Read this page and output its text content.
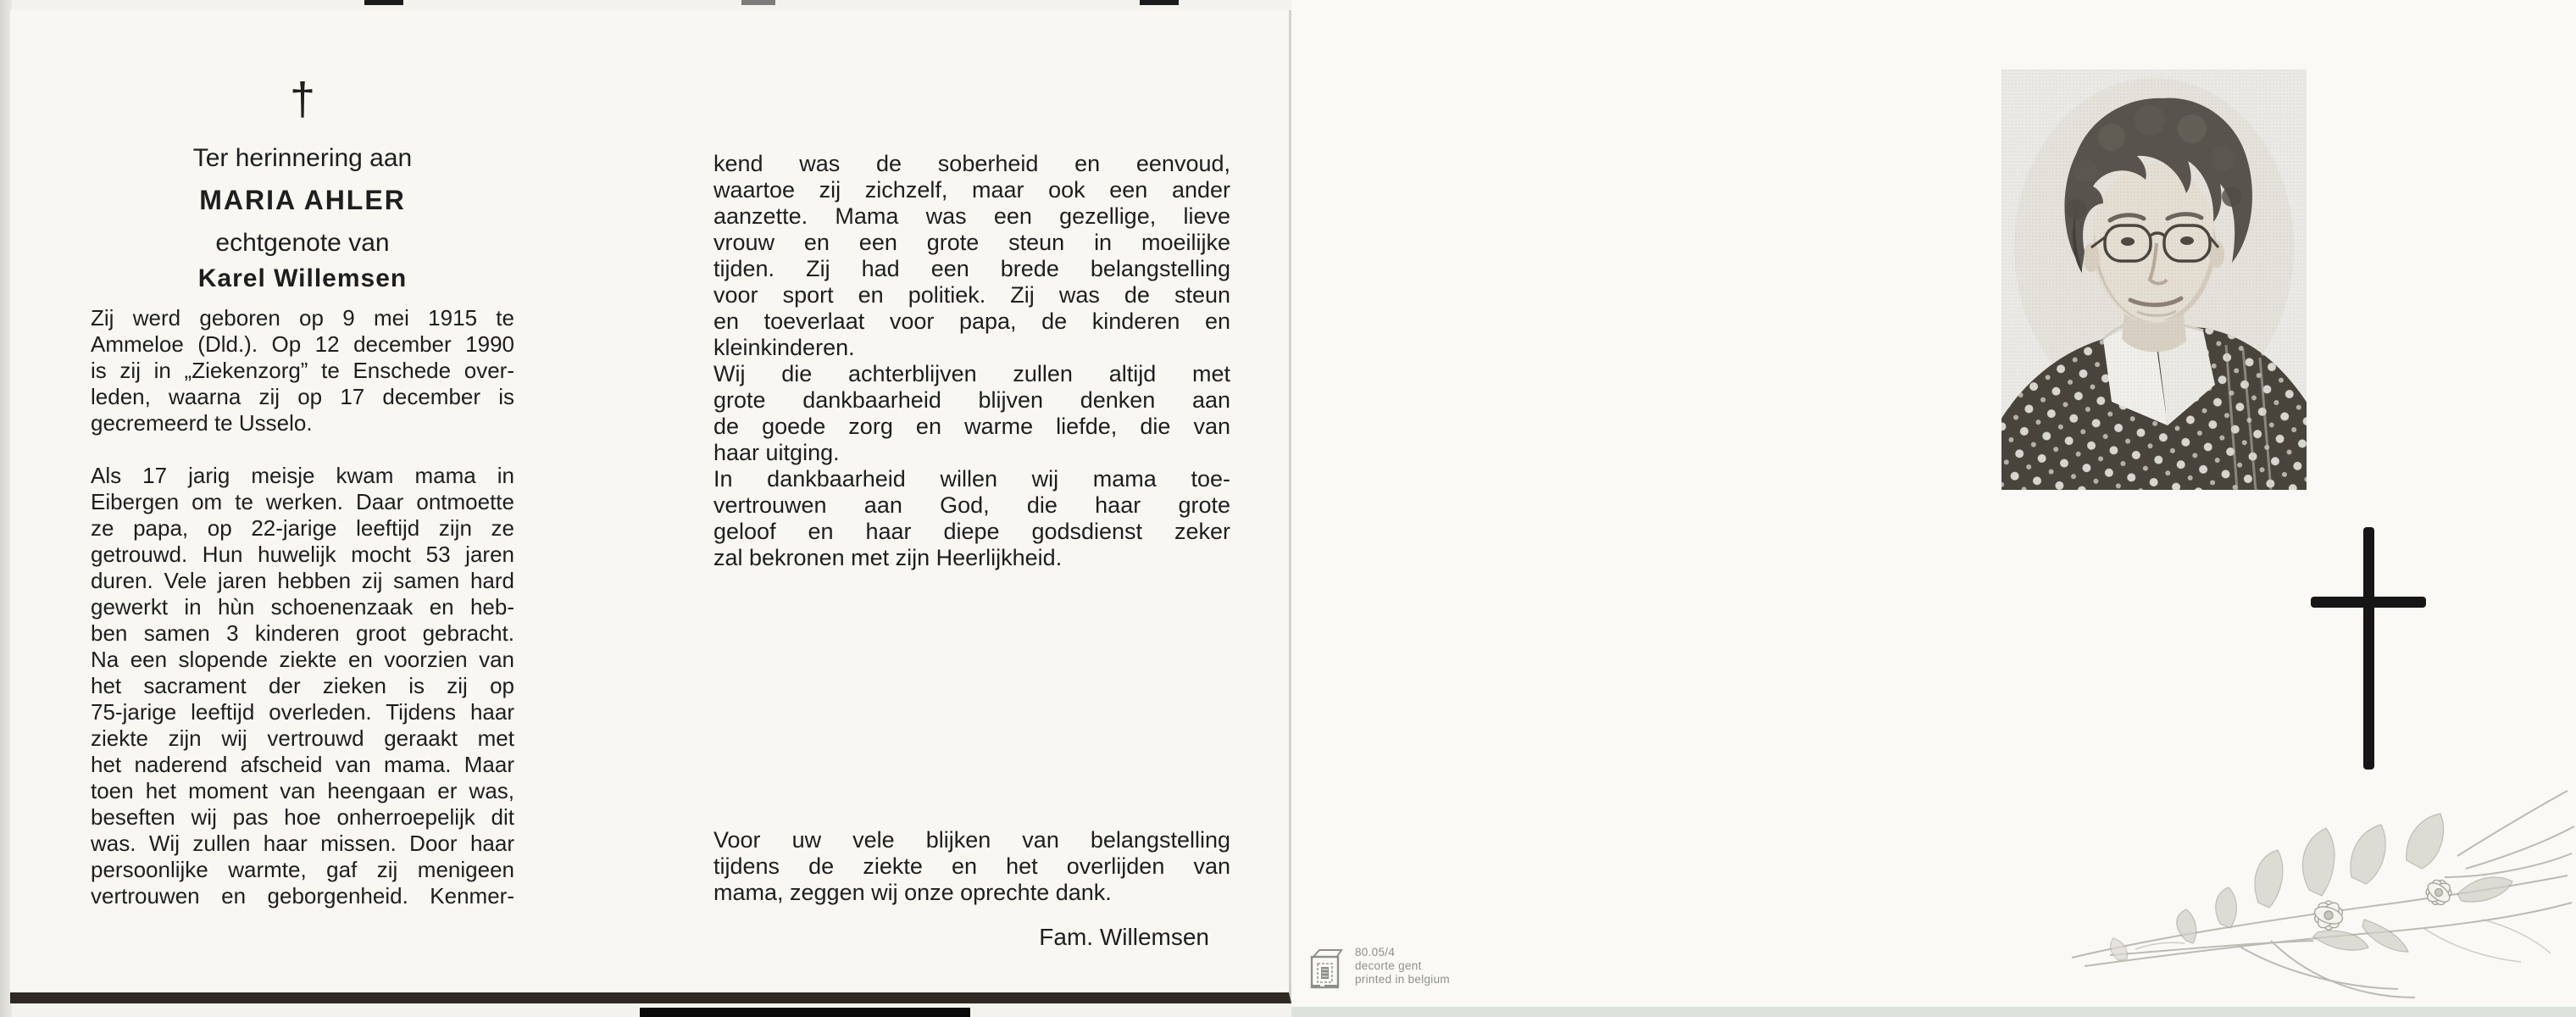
†
Ter herinnering aan
MARIA AHLER
echtgenote van
Karel Willemsen
Zij werd geboren op 9 mei 1915 te
Ammeloe (Dld.). Op 12 december 1990
is zij in „Ziekenzorg” te Enschede over-
leden, waarna zij op 17 december is
gecremeerd te Usselo.
Als 17 jarig meisje kwam mama in
Eibergen om te werken. Daar ontmoette
ze papa, op 22-jarige leeftijd zijn ze
getrouwd. Hun huwelijk mocht 53 jaren
duren. Vele jaren hebben zij samen hard
gewerkt in hùn schoenenzaak en heb-
ben samen 3 kinderen groot gebracht.
Na een slopende ziekte en voorzien van
het sacrament der zieken is zij op
75-jarige leeftijd overleden. Tijdens haar
ziekte zijn wij vertrouwd geraakt met
het naderend afscheid van mama. Maar
toen het moment van heengaan er was,
beseften wij pas hoe onherroepelijk dit
was. Wij zullen haar missen. Door haar
persoonlijke warmte, gaf zij menigeen
vertrouwen en geborgenheid. Kenmer-
kend was de soberheid en eenvoud,
waartoe zij zichzelf, maar ook een ander
aanzette. Mama was een gezellige, lieve
vrouw en een grote steun in moeilijke
tijden. Zij had een brede belangstelling
voor sport en politiek. Zij was de steun
en toeverlaat voor papa, de kinderen en
kleinkinderen.
Wij die achterblijven zullen altijd met
grote dankbaarheid blijven denken aan
de goede zorg en warme liefde, die van
haar uitging.
In dankbaarheid willen wij mama toe-
vertrouwen aan God, die haar grote
geloof en haar diepe godsdienst zeker
zal bekronen met zijn Heerlijkheid.
Voor uw vele blijken van belangstelling
tijdens de ziekte en het overlijden van
mama, zeggen wij onze oprechte dank.
Fam. Willemsen
80.05/4
decorte gent
printed in belgium
